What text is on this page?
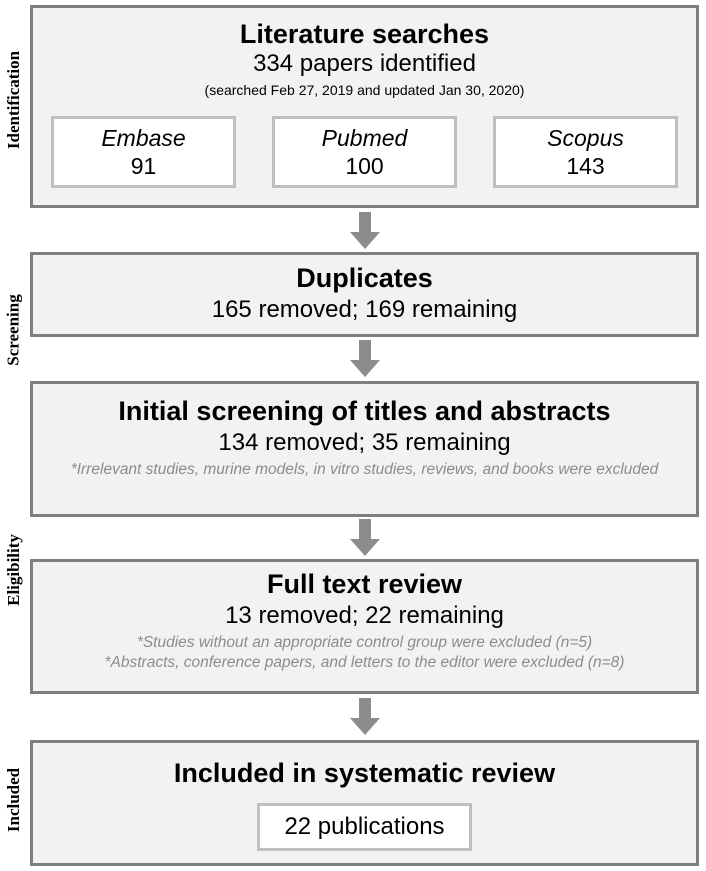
Identification
Screening
Eligibility
Included
Literature searches
334 papers identified
(searched Feb 27, 2019 and updated Jan 30, 2020)
Embase
91
Pubmed
100
Scopus
143
Duplicates
165 removed; 169 remaining
Initial screening of titles and abstracts
134 removed; 35 remaining
*Irrelevant studies, murine models, in vitro studies, reviews, and books were excluded
Full text review
13 removed; 22 remaining
*Studies without an appropriate control group were excluded (n=5)
*Abstracts, conference papers, and letters to the editor were excluded (n=8)
Included in systematic review
22 publications
